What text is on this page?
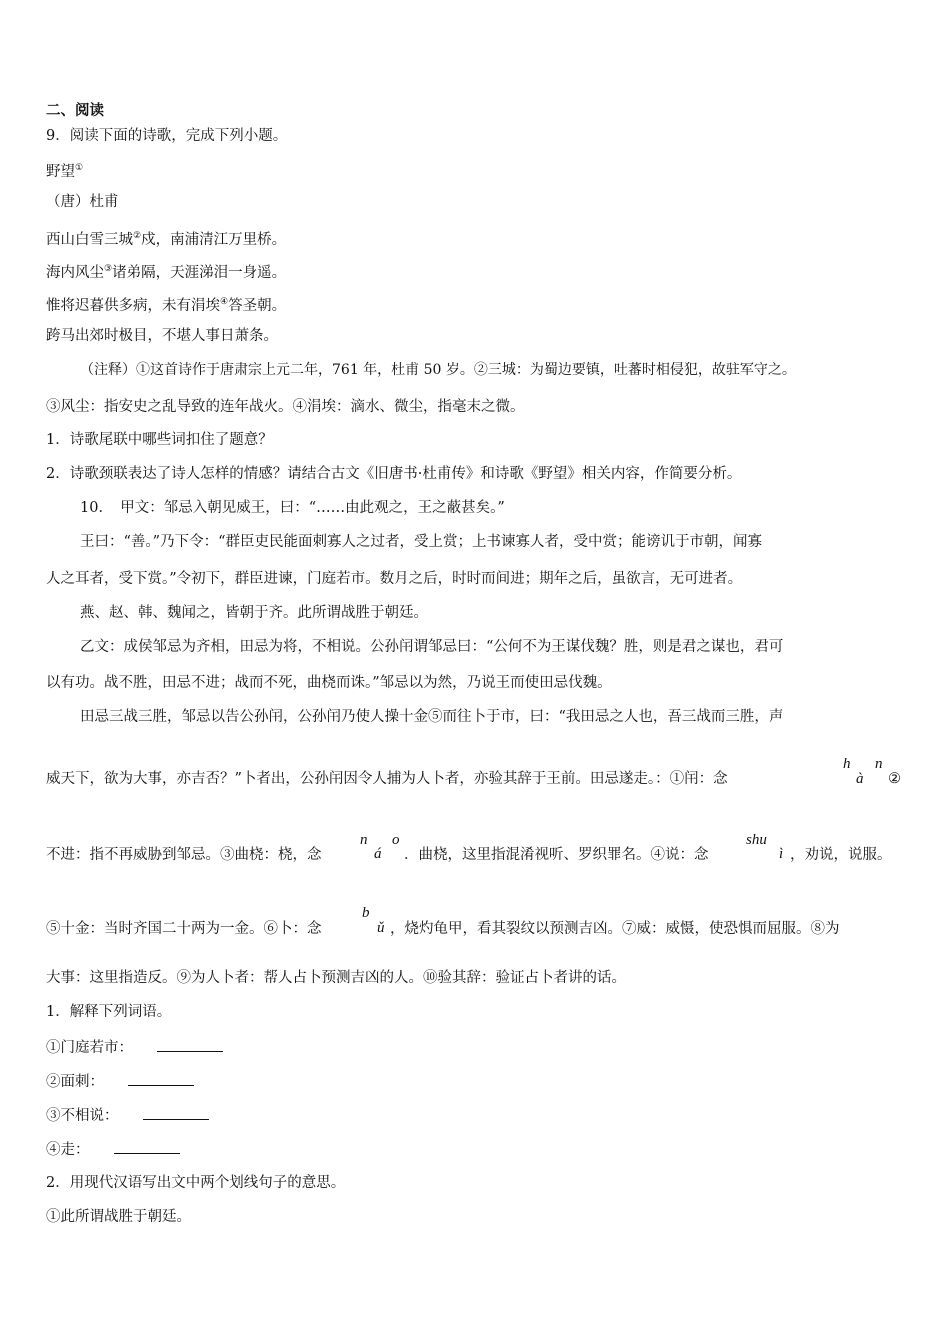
二、阅读
9．阅读下面的诗歌，完成下列小题。
野望①
（唐）杜甫
西山白雪三城②戍，南浦清江万里桥。
海内风尘③诸弟隔，天涯涕泪一身遥。
惟将迟暮供多病，未有涓埃④答圣朝。
跨马出郊时极目，不堪人事日萧条。
（注释）①这首诗作于唐肃宗上元二年，761 年，杜甫 50 岁。②三城：为蜀边要镇，吐蕃时相侵犯，故驻军守之。
③风尘：指安史之乱导致的连年战火。④涓埃：滴水、微尘，指毫末之微。
1．诗歌尾联中哪些词扣住了题意？
2．诗歌颈联表达了诗人怎样的情感？请结合古文《旧唐书·杜甫传》和诗歌《野望》相关内容，作简要分析。
10．　甲文：邹忌入朝见威王，曰：“……由此观之，王之蔽甚矣。”
王曰：“善。”乃下令：“群臣吏民能面刺寡人之过者，受上赏；上书谏寡人者，受中赏；能谤讥于市朝，闻寡
人之耳者，受下赏。”令初下，群臣进谏，门庭若市。数月之后，时时而间进；期年之后，虽欲言，无可进者。
燕、赵、韩、魏闻之，皆朝于齐。此所谓战胜于朝廷。
乙文：成侯邹忌为齐相，田忌为将，不相说。公孙闬谓邹忌曰：“公何不为王谋伐魏？胜，则是君之谋也，君可
以有功。战不胜，田忌不进；战而不死，曲桡而诛。”邹忌以为然，乃说王而使田忌伐魏。
田忌三战三胜，邹忌以告公孙闬，公孙闬乃使人操十金⑤而往卜于市，曰：“我田忌之人也，吾三战而三胜，声
威天下，欲为大事，亦吉否？”卜者出，公孙闬因令人捕为人卜者，亦验其辞于王前。田忌遂走。：①闬：念
h
à
n
②
不进：指不再威胁到邹忌。③曲桡：桡，念
n
á
o
．曲桡，这里指混淆视听、罗织罪名。④说：念
shu
ì ，劝说，说服。
⑤十金：当时齐国二十两为一金。⑥卜：念
b
ǔ ，烧灼龟甲，看其裂纹以预测吉凶。⑦威：威慑，使恐惧而屈服。⑧为
大事：这里指造反。⑨为人卜者：帮人占卜预测吉凶的人。⑩验其辞：验证占卜者讲的话。
1．解释下列词语。
①门庭若市：
②面刺：
③不相说：
④走：
2．用现代汉语写出文中两个划线句子的意思。
①此所谓战胜于朝廷。
